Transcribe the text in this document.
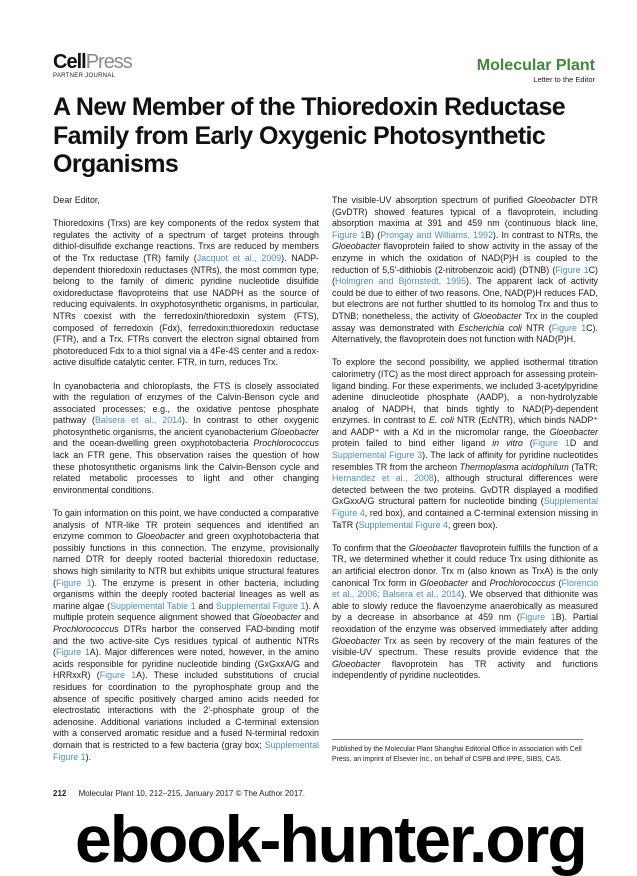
CellPress
PARTNER JOURNAL
Molecular Plant
Letter to the Editor
A New Member of the Thioredoxin Reductase Family from Early Oxygenic Photosynthetic Organisms

Dear Editor,

Thioredoxins (Trxs) are key components of the redox system that regulates the activity of a spectrum of target proteins through dithiol-disulfide exchange reactions. Trxs are reduced by members of the Trx reductase (TR) family (Jacquot et al., 2009). NADP-dependent thioredoxin reductases (NTRs), the most common type, belong to the family of dimeric pyridine nucleotide disulfide oxidoreductase flavoproteins that use NADPH as the source of reducing equivalents. In oxyphotosynthetic organisms, in particular, NTRs coexist with the ferredoxin/thioredoxin system (FTS), composed of ferredoxin (Fdx), ferredoxin:thioredoxin reductase (FTR), and a Trx. FTRs convert the electron signal obtained from photoreduced Fdx to a thiol signal via a 4Fe-4S center and a redox-active disulfide catalytic center. FTR, in turn, reduces Trx.

In cyanobacteria and chloroplasts, the FTS is closely associated with the regulation of enzymes of the Calvin-Benson cycle and associated processes; e.g., the oxidative pentose phosphate pathway (Balsera et al., 2014). In contrast to other oxygenic photosynthetic organisms, the ancient cyanobacterium Gloeobacter and the ocean-dwelling green oxyphotobacteria Prochlorococcus lack an FTR gene. This observation raises the question of how these photosynthetic organisms link the Calvin-Benson cycle and related metabolic processes to light and other changing environmental conditions.

To gain information on this point, we have conducted a comparative analysis of NTR-like TR protein sequences and identified an enzyme common to Gloeobacter and green oxyphotobacteria that possibly functions in this connection. The enzyme, provisionally named DTR for deeply rooted bacterial thioredoxin reductase, shows high similarity to NTR but exhibits unique structural features (Figure 1). The enzyme is present in other bacteria, including organisms within the deeply rooted bacterial lineages as well as marine algae (Supplemental Table 1 and Supplemental Figure 1). A multiple protein sequence alignment showed that Gloeobacter and Prochlorococcus DTRs harbor the conserved FAD-binding motif and the two active-site Cys residues typical of authentic NTRs (Figure 1A). Major differences were noted, however, in the amino acids responsible for pyridine nucleotide binding (GxGxxA/G and HRRxxR) (Figure 1A). These included substitutions of crucial residues for coordination to the pyrophosphate group and the absence of specific positively charged amino acids needed for electrostatic interactions with the 2′-phosphate group of the adenosine. Additional variations included a C-terminal extension with a conserved aromatic residue and a fused N-terminal redoxin domain that is restricted to a few bacteria (gray box; Supplemental Figure 1).

The visible-UV absorption spectrum of purified Gloeobacter DTR (GvDTR) showed features typical of a flavoprotein, including absorption maxima at 391 and 459 nm (continuous black line, Figure 1B) (Prongay and Williams, 1992). In contrast to NTRs, the Gloeobacter flavoprotein failed to show activity in the assay of the enzyme in which the oxidation of NAD(P)H is coupled to the reduction of 5,5′-dithiobis (2-nitrobenzoic acid) (DTNB) (Figure 1C) (Holmgren and Björnstedt, 1995). The apparent lack of activity could be due to either of two reasons. One, NAD(P)H reduces FAD, but electrons are not further shuttled to its homolog Trx and thus to DTNB; nonetheless, the activity of Gloeobacter Trx in the coupled assay was demonstrated with Escherichia coli NTR (Figure 1C). Alternatively, the flavoprotein does not function with NAD(P)H.

To explore the second possibility, we applied isothermal titration calorimetry (ITC) as the most direct approach for assessing protein-ligand binding. For these experiments, we included 3-acetylpyridine adenine dinucleotide phosphate (AADP), a non-hydrolyzable analog of NADPH, that binds tightly to NAD(P)-dependent enzymes. In contrast to E. coli NTR (EcNTR), which binds NADP⁺ and AADP⁺ with a Kd in the micromolar range, the Gloeobacter protein failed to bind either ligand in vitro (Figure 1D and Supplemental Figure 3). The lack of affinity for pyridine nucleotides resembles TR from the archeon Thermoplasma acidophilum (TaTR; Hernandez et al., 2008), although structural differences were detected between the two proteins. GvDTR displayed a modified GxGxxA/G structural pattern for nucleotide binding (Supplemental Figure 4, red box), and contained a C-terminal extension missing in TaTR (Supplemental Figure 4, green box).

To confirm that the Gloeobacter flavoprotein fulfills the function of a TR, we determined whether it could reduce Trx using dithionite as an artificial electron donor. Trx m (also known as TrxA) is the only canonical Trx form in Gloeobacter and Prochlorococcus (Florencio et al., 2006; Balsera et al., 2014). We observed that dithionite was able to slowly reduce the flavoenzyme anaerobically as measured by a decrease in absorbance at 459 nm (Figure 1B). Partial reoxidation of the enzyme was observed immediately after adding Gloeobacter Trx as seen by recovery of the main features of the visible-UV spectrum. These results provide evidence that the Gloeobacter flavoprotein has TR activity and functions independently of pyridine nucleotides.

Published by the Molecular Plant Shanghai Editorial Office in association with Cell Press, an imprint of Elsevier Inc., on behalf of CSPB and IPPE, SIBS, CAS.
212 Molecular Plant 10, 212–215, January 2017 © The Author 2017.
ebook-hunter.org
